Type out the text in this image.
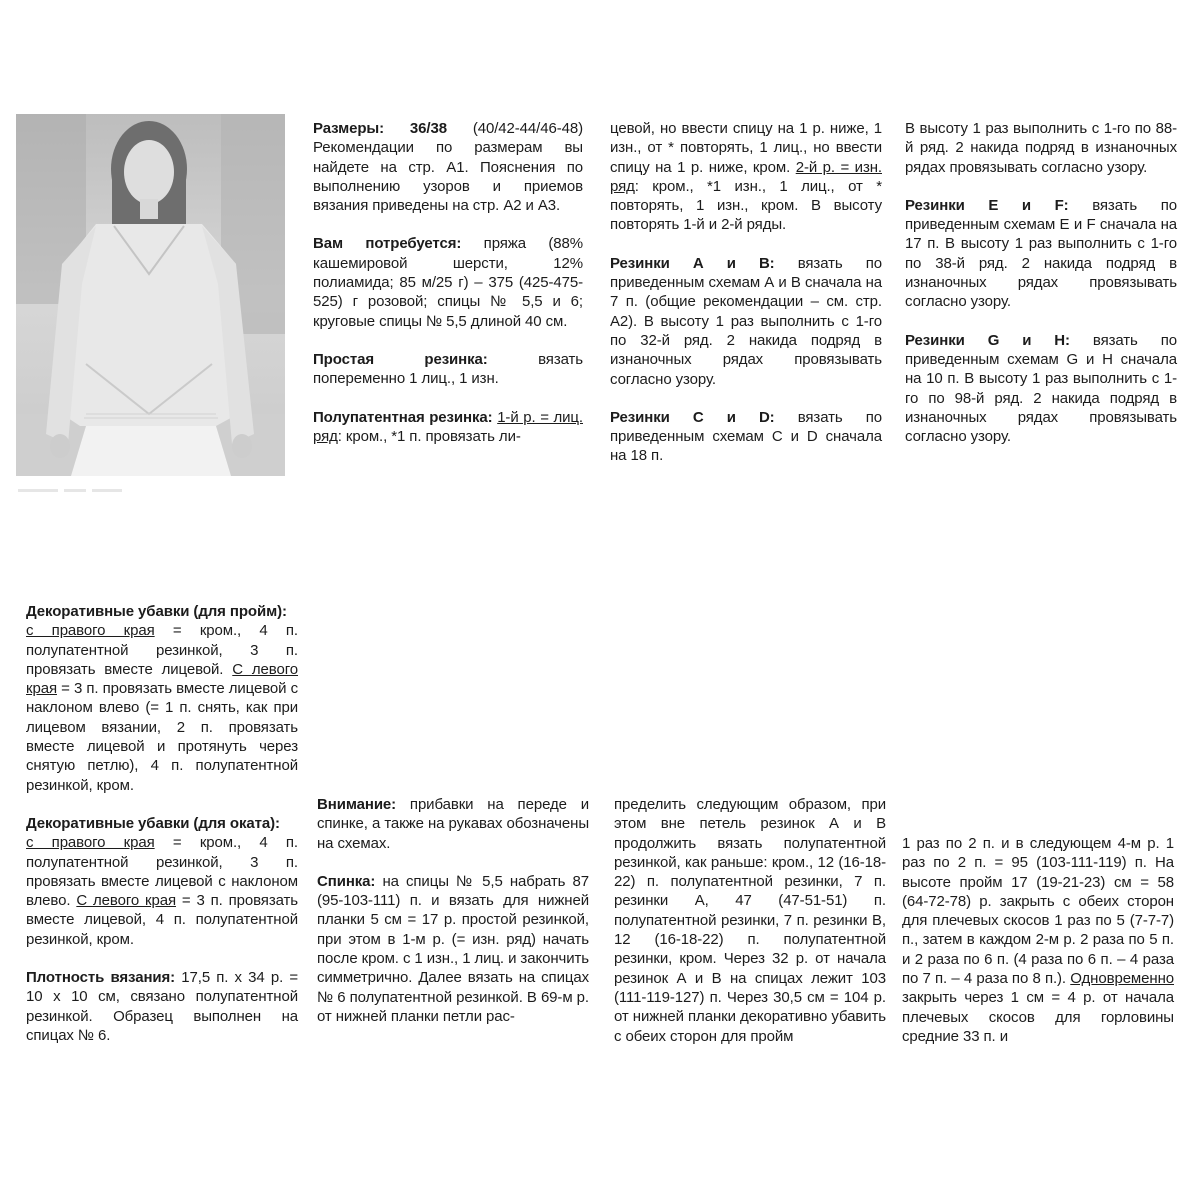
Размеры: 36/38 (40/42-44/46-48) Рекомендации по размерам вы найдете на стр. А1. Пояснения по выполнению узоров и приемов вязания приведены на стр. А2 и А3.

Вам потребуется: пряжа (88% кашемировой шерсти, 12% полиамида; 85 м/25 г) – 375 (425-475-525) г розовой; спицы № 5,5 и 6; круговые спицы № 5,5 длиной 40 см.

Простая резинка: вязать попеременно 1 лиц., 1 изн.

Полупатентная резинка: 1-й р. = лиц. ряд: кром., *1 п. провязать ли-

цевой, но ввести спицу на 1 р. ниже, 1 изн., от * повторять, 1 лиц., но ввести спицу на 1 р. ниже, кром. 2-й р. = изн. ряд: кром., *1 изн., 1 лиц., от * повторять, 1 изн., кром. В высоту повторять 1-й и 2-й ряды.

Резинки А и В: вязать по приведенным схемам А и В сначала на 7 п. (общие рекомендации – см. стр. А2). В высоту 1 раз выполнить с 1-го по 32-й ряд. 2 накида подряд в изнаночных рядах провязывать согласно узору.

Резинки С и D: вязать по приведенным схемам С и D сначала на 18 п.

В высоту 1 раз выполнить с 1-го по 88-й ряд. 2 накида подряд в изнаночных рядах провязывать согласно узору.

Резинки Е и F: вязать по приведенным схемам Е и F сначала на 17 п. В высоту 1 раз выполнить с 1-го по 38-й ряд. 2 накида подряд в изнаночных рядах провязывать согласно узору.

Резинки G и H: вязать по приведенным схемам G и H сначала на 10 п. В высоту 1 раз выполнить с 1-го по 98-й ряд. 2 накида подряд в изнаночных рядах провязывать согласно узору.

Декоративные убавки (для пройм):
с правого края = кром., 4 п. полупатентной резинкой, 3 п. провязать вместе лицевой. С левого края = 3 п. провязать вместе лицевой с наклоном влево (= 1 п. снять, как при лицевом вязании, 2 п. провязать вместе лицевой и протянуть через снятую петлю), 4 п. полупатентной резинкой, кром.

Декоративные убавки (для оката):
с правого края = кром., 4 п. полупатентной резинкой, 3 п. провязать вместе лицевой с наклоном влево. С левого края = 3 п. провязать вместе лицевой, 4 п. полупатентной резинкой, кром.

Плотность вязания: 17,5 п. х 34 р. = 10 х 10 см, связано полупатентной резинкой. Образец выполнен на спицах № 6.

Внимание: прибавки на переде и спинке, а также на рукавах обозначены на схемах.

Спинка: на спицы № 5,5 набрать 87 (95-103-111) п. и вязать для нижней планки 5 см = 17 р. простой резинкой, при этом в 1-м р. (= изн. ряд) начать после кром. с 1 изн., 1 лиц. и закончить симметрично. Далее вязать на спицах № 6 полупатентной резинкой. В 69-м р. от нижней планки петли рас-

пределить следующим образом, при этом вне петель резинок А и В продолжить вязать полупатентной резинкой, как раньше: кром., 12 (16-18-22) п. полупатентной резинки, 7 п. резинки А, 47 (47-51-51) п. полупатентной резинки, 7 п. резинки В, 12 (16-18-22) п. полупатентной резинки, кром. Через 32 р. от начала резинок А и В на спицах лежит 103 (111-119-127) п. Через 30,5 см = 104 р. от нижней планки декоративно убавить с обеих сторон для пройм

1 раз по 2 п. и в следующем 4-м р. 1 раз по 2 п. = 95 (103-111-119) п. На высоте пройм 17 (19-21-23) см = 58 (64-72-78) р. закрыть с обеих сторон для плечевых скосов 1 раз по 5 (7-7-7) п., затем в каждом 2-м р. 2 раза по 5 п. и 2 раза по 6 п. (4 раза по 6 п. – 4 раза по 7 п. – 4 раза по 8 п.). Одновременно закрыть через 1 см = 4 р. от начала плечевых скосов для горловины средние 33 п. и
